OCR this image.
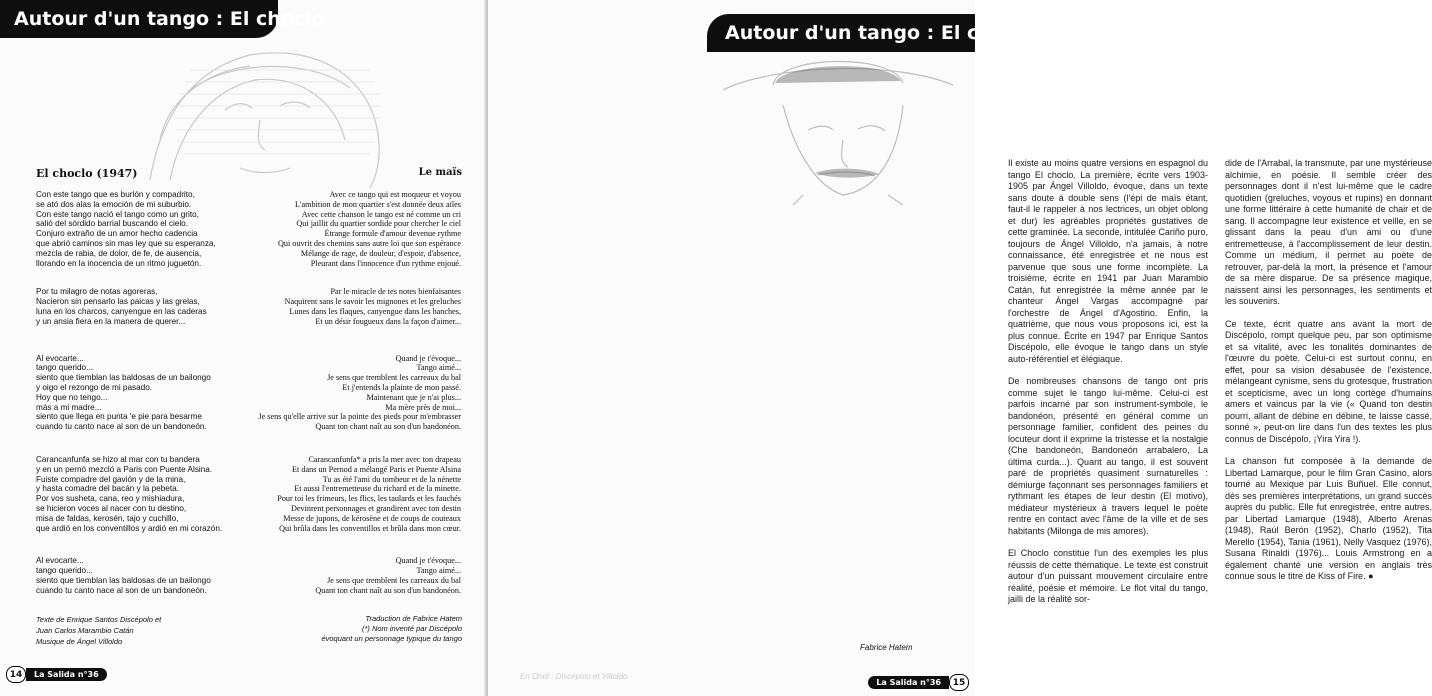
Autour d'un tango : El choclo
El choclo (1947)	Le maïs

Con este tango que es burlón y compadrito,
se ató dos alas la emoción de mi suburbio.
Con este tango nació el tango como un grito,
salió del sórdido barrial buscando el cielo.
Conjuro extraño de un amor hecho cadencia
que abrió caminos sin mas ley que su esperanza,
mezcla de rabia, de dolor, de fe, de ausencia,
llorando en la inocencia de un ritmo juguetón.

Por tu milagro de notas agoreras,
Nacieron sin pensarlo las paicas y las grelas,
luna en los charcos, canyengue en las caderas
y un ansia fiera en la manera de querer...

Al evocarte...
tango querido...
siento que tiemblan las baldosas de un bailongo
y oigo el rezongo de mi pasado.
Hoy que no tengo...
más a mi madre...
siento que llega en punta 'e pie para besarme
cuando tu canto nace al son de un bandoneón.

Carancanfunfa se hizo al mar con tu bandera
y en un pernó mezcló a Paris con Puente Alsina.
Fuiste compadre del gavión y de la mina,
y hasta comadre del bacán y la pebeta.
Por vos susheta, cana, reo y mishiadura,
se hicieron voces al nacer con tu destino,
misa de faldas, kerosén, tajo y cuchillo,
que ardió en los conventillos y ardió en mi corazón.

Al evocarte...
tango querido...
siento que tiemblan las baldosas de un bailongo
cuando tu canto nace al son de un bandoneón.

Avec ce tango qui est moqueur et voyou
L'ambition de mon quartier s'est donnée deux ailes
Avec cette chanson le tango est né comme un cri
Qui jaillit du quartier sordide pour chercher le ciel
Étrange formule d'amour devenue rythme
Qui ouvrit des chemins sans autre loi que son espérance
Mélange de rage, de douleur, d'espoir, d'absence,
Pleurant dans l'innocence d'un rythme enjoué.

Par le miracle de tes notes bienfaisantes
Naquirent sans le savoir les mignones et les greluches
Lunes dans les flaques, canyengue dans les hanches,
Et un désir fougueux dans la façon d'aimer...

Quand je t'évoque...
Tango aimé...
Je sens que tremblent les carreaux du bal
Et j'entends la plainte de mon passé.
Maintenant que je n'ai plus...
Ma mère près de moi...
Je sens qu'elle arrive sur la pointe des pieds pour m'embrasser
Quant ton chant naît au son d'un bandonéon.

Carancanfunfa* a pris la mer avec ton drapeau
Et dans un Pernod a mélangé Paris et Puente Alsina
Tu as été l'ami du tombeur et de la nénette
Et aussi l'entremetteuse du richard et de la minette.
Pour toi les frimeurs, les flics, les taulards et les fauchés
Devinrent personnages et grandirent avec ton destin
Messe de jupons, de kérosène et de coups de couteaux
Qui brûla dans les conventillos et brûla dans mon cœur.

Quand je t'évoque...
Tango aimé...
Je sens que tremblent les carreaux du bal
Quant ton chant naît au son d'un bandonéon.

Texte de Enrique Santos Discépolo et
Juan Carlos Marambio Catán
Musique de Ángel Villoldo
Traduction de Fabrice Hatem
(*) Nom inventé par Discépolo
évoquant un personnage typique du tango
14	La Salida n°36
Autour d'un tango : El choclo

Il existe au moins quatre versions en espagnol du tango El choclo. La première, écrite vers 1903-1905 par Ángel Villoldo, évoque, dans un texte sans doute à double sens (l'épi de maïs étant, faut-il le rappeler à nos lectrices, un objet oblong et dur) les agréables propriétés gustatives de cette graminée. La seconde, intitulée Cariño puro, toujours de Ángel Villoldo, n'a jamais, à notre connaissance, été enregistrée et ne nous est parvenue que sous une forme incomplète. La troisième, écrite en 1941 par Juan Marambio Catán, fut enregistrée la même année par le chanteur Ángel Vargas accompagné par l'orchestre de Ángel d'Agostino. Enfin, la quatrième, que nous vous proposons ici, est la plus connue. Écrite en 1947 par Enrique Santos Discépolo, elle évoque le tango dans un style auto-référentiel et élégiaque.

De nombreuses chansons de tango ont pris comme sujet le tango lui-même. Celui-ci est parfois incarné par son instrument-symbole, le bandonéon, présenté en général comme un personnage familier, confident des peines du locuteur dont il exprime la tristesse et la nostalgie (Che bandoneón, Bandoneón arrabalero, La última curda...). Quant au tango, il est souvent paré de propriétés quasiment surnaturelles : démiurge façonnant ses personnages familiers et rythmant les étapes de leur destin (El motivo), médiateur mystérieux à travers lequel le poète rentre en contact avec l'âme de la ville et de ses habitants (Milonga de mis amores).

El Choclo constitue l'un des exemples les plus réussis de cette thématique. Le texte est construit autour d'un puissant mouvement circulaire entre réalité, poésie et mémoire. Le flot vital du tango, jailli de la réalité sor-

dide de l'Arrabal, la transmute, par une mystérieuse alchimie, en poésie. Il semble créer des personnages dont il n'est lui-même que le cadre quotidien (greluches, voyous et rupins) en donnant une forme littéraire à cette humanité de chair et de sang. Il accompagne leur existence et veille, en se glissant dans la peau d'un ami ou d'une entremetteuse, à l'accomplissement de leur destin. Comme un médium, il permet au poète de retrouver, par-delà la mort, la présence et l'amour de sa mère disparue. De sa présence magique, naissent ainsi les personnages, les sentiments et les souvenirs.

Ce texte, écrit quatre ans avant la mort de Discépolo, rompt quelque peu, par son optimisme et sa vitalité, avec les tonalités dominantes de l'œuvre du poète. Celui-ci est surtout connu, en effet, pour sa vision désabusée de l'existence, mélangeant cynisme, sens du grotesque, frustration et scepticisme, avec un long cortège d'humains amers et vaincus par la vie (« Quand ton destin pourri, allant de débine en débine, te laisse cassé, sonné », peut-on lire dans l'un des textes les plus connus de Discépolo, ¡Yira Yira !).

La chanson fut composée à la demande de Libertad Lamarque, pour le film Gran Casino, alors tourné au Mexique par Luis Buñuel. Elle connut, dès ses premières interprétations, un grand succès auprès du public. Elle fut enregistrée, entre autres, par Libertad Lamarque (1948), Alberto Arenas (1948), Raúl Berón (1952), Charlo (1952), Tita Merello (1954), Tania (1961), Nelly Vasquez (1976), Susana Rinaldi (1976)... Louis Armstrong en a également chanté une version en anglais très connue sous le titre de Kiss of Fire. ●

Fabrice Hatem
En Ondi : Discépolo et Villoldo
La Salida n°36	15
